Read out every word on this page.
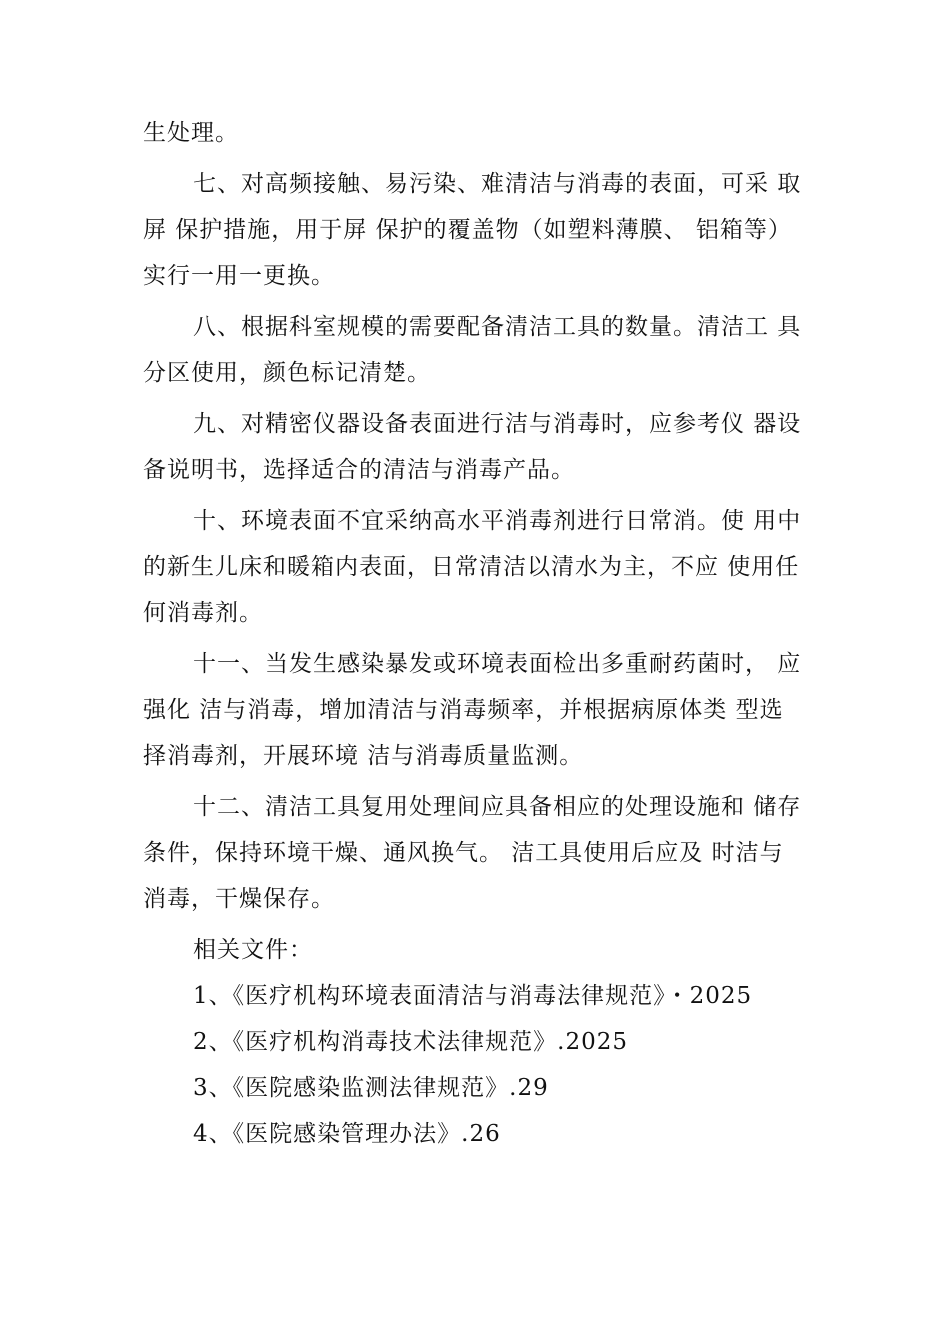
生处理。

七、对高频接触、易污染、难清洁与消毒的表面，可采 取

屏 保护措施，用于屏 保护的覆盖物（如塑料薄膜、 铝箱等）

实行一用一更换。

八、根据科室规模的需要配备清洁工具的数量。清洁工 具

分区使用，颜色标记清楚。

九、对精密仪器设备表面进行洁与消毒时，应参考仪 器设

备说明书，选择适合的清洁与消毒产品。

十、环境表面不宜采纳高水平消毒剂进行日常消。使 用中

的新生儿床和暖箱内表面，日常清洁以清水为主，不应 使用任

何消毒剂。

十一、当发生感染暴发或环境表面检出多重耐药菌时， 应

强化 洁与消毒，增加清洁与消毒频率，并根据病原体类 型选

择消毒剂，开展环境 洁与消毒质量监测。

十二、清洁工具复用处理间应具备相应的处理设施和 储存

条件，保持环境干燥、通风换气。 洁工具使用后应及 时洁与

消毒，干燥保存。

相关文件：

1、《医疗机构环境表面清洁与消毒法律规范》・2025

2、《医疗机构消毒技术法律规范》.2025

3、《医院感染监测法律规范》.29

4、《医院感染管理办法》.26
